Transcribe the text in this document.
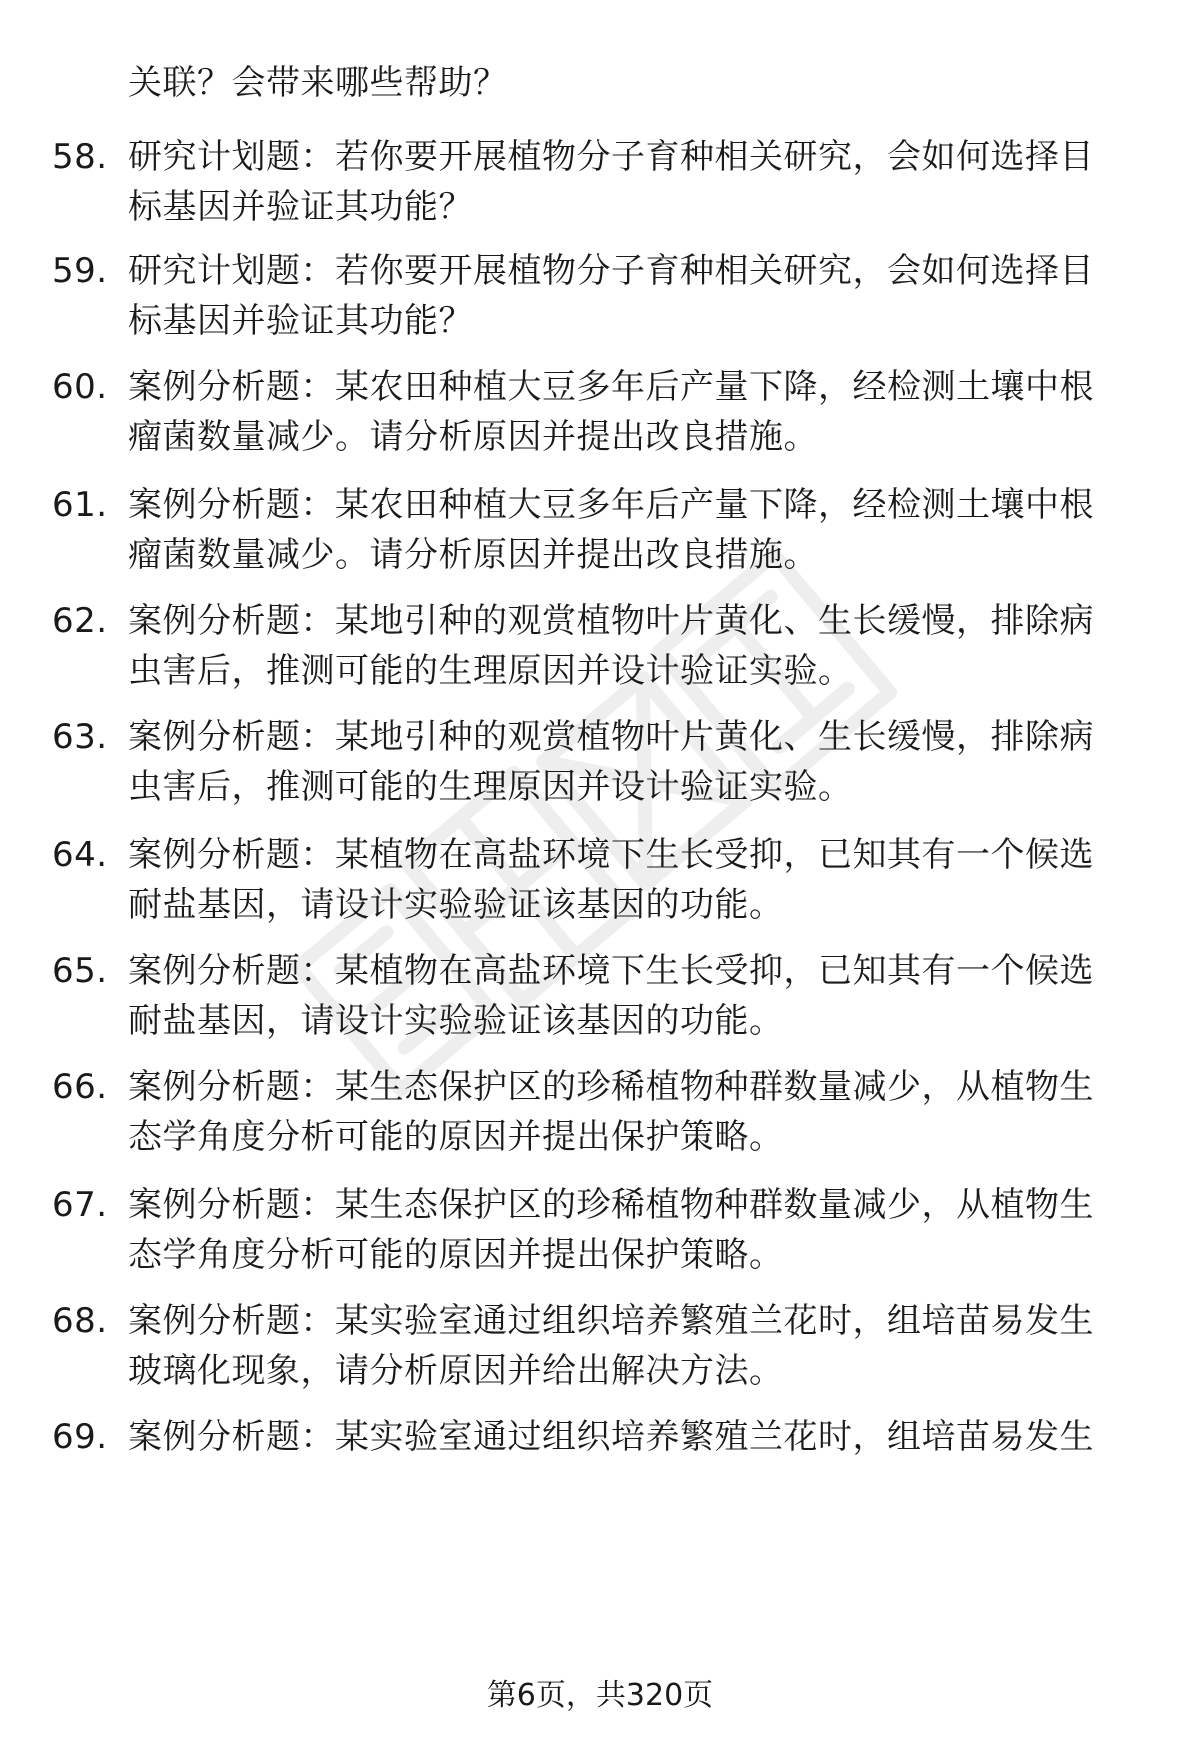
关联？会带来哪些帮助？
58. 研究计划题：若你要开展植物分子育种相关研究，会如何选择目
标基因并验证其功能？
59. 研究计划题：若你要开展植物分子育种相关研究，会如何选择目
标基因并验证其功能？
60. 案例分析题：某农田种植大豆多年后产量下降，经检测土壤中根
瘤菌数量减少。请分析原因并提出改良措施。
61. 案例分析题：某农田种植大豆多年后产量下降，经检测土壤中根
瘤菌数量减少。请分析原因并提出改良措施。
62. 案例分析题：某地引种的观赏植物叶片黄化、生长缓慢，排除病
虫害后，推测可能的生理原因并设计验证实验。
63. 案例分析题：某地引种的观赏植物叶片黄化、生长缓慢，排除病
虫害后，推测可能的生理原因并设计验证实验。
64. 案例分析题：某植物在高盐环境下生长受抑，已知其有一个候选
耐盐基因，请设计实验验证该基因的功能。
65. 案例分析题：某植物在高盐环境下生长受抑，已知其有一个候选
耐盐基因，请设计实验验证该基因的功能。
66. 案例分析题：某生态保护区的珍稀植物种群数量减少，从植物生
态学角度分析可能的原因并提出保护策略。
67. 案例分析题：某生态保护区的珍稀植物种群数量减少，从植物生
态学角度分析可能的原因并提出保护策略。
68. 案例分析题：某实验室通过组织培养繁殖兰花时，组培苗易发生
玻璃化现象，请分析原因并给出解决方法。
69. 案例分析题：某实验室通过组织培养繁殖兰花时，组培苗易发生
第6页，共320页
